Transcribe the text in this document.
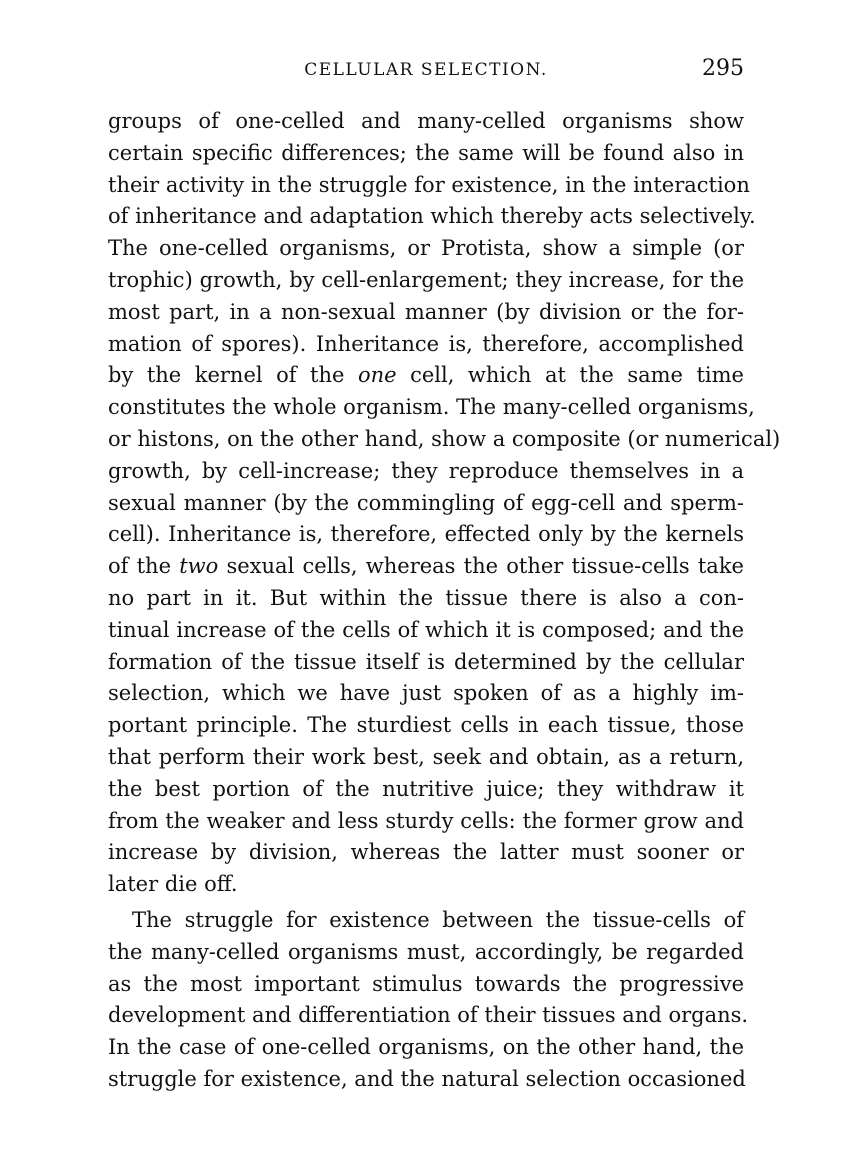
CELLULAR SELECTION.	295
groups of one-celled and many-celled organisms show
certain specific differences; the same will be found also in
their activity in the struggle for existence, in the interaction
of inheritance and adaptation which thereby acts selectively.
The one-celled organisms, or Protista, show a simple (or
trophic) growth, by cell-enlargement; they increase, for the
most part, in a non-sexual manner (by division or the for-
mation of spores). Inheritance is, therefore, accomplished
by the kernel of the one cell, which at the same time
constitutes the whole organism. The many-celled organisms,
or histons, on the other hand, show a composite (or numerical)
growth, by cell-increase; they reproduce themselves in a
sexual manner (by the commingling of egg-cell and sperm-
cell). Inheritance is, therefore, effected only by the kernels
of the two sexual cells, whereas the other tissue-cells take
no part in it. But within the tissue there is also a con-
tinual increase of the cells of which it is composed; and the
formation of the tissue itself is determined by the cellular
selection, which we have just spoken of as a highly im-
portant principle. The sturdiest cells in each tissue, those
that perform their work best, seek and obtain, as a return,
the best portion of the nutritive juice; they withdraw it
from the weaker and less sturdy cells: the former grow and
increase by division, whereas the latter must sooner or
later die off.
The struggle for existence between the tissue-cells of
the many-celled organisms must, accordingly, be regarded
as the most important stimulus towards the progressive
development and differentiation of their tissues and organs.
In the case of one-celled organisms, on the other hand, the
struggle for existence, and the natural selection occasioned
